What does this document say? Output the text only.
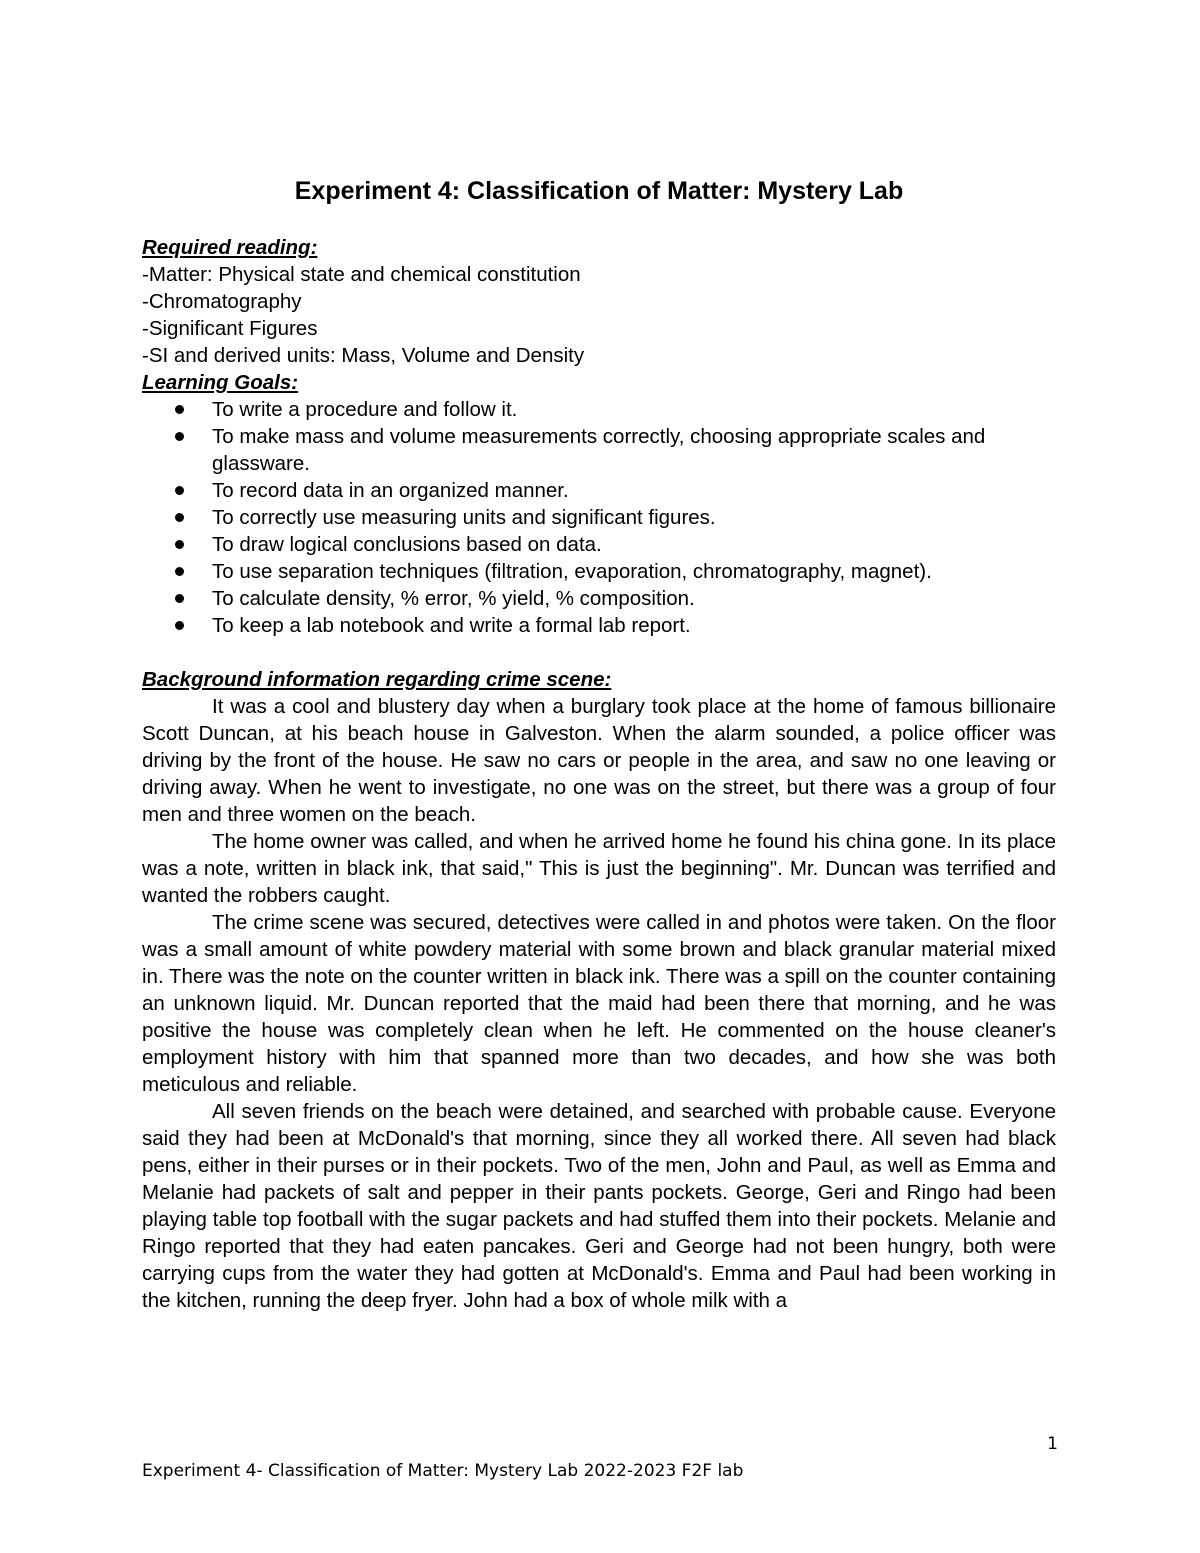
Experiment 4: Classification of Matter: Mystery Lab
Required reading:
-Matter: Physical state and chemical constitution
-Chromatography
-Significant Figures
-SI and derived units: Mass, Volume and Density
Learning Goals:
To write a procedure and follow it.
To make mass and volume measurements correctly, choosing appropriate scales and glassware.
To record data in an organized manner.
To correctly use measuring units and significant figures.
To draw logical conclusions based on data.
To use separation techniques (filtration, evaporation, chromatography, magnet).
To calculate density, % error, % yield, % composition.
To keep a lab notebook and write a formal lab report.
Background information regarding crime scene:

It was a cool and blustery day when a burglary took place at the home of famous billionaire Scott Duncan, at his beach house in Galveston. When the alarm sounded, a police officer was driving by the front of the house. He saw no cars or people in the area, and saw no one leaving or driving away. When he went to investigate, no one was on the street, but there was a group of four men and three women on the beach.

The home owner was called, and when he arrived home he found his china gone. In its place was a note, written in black ink, that said," This is just the beginning". Mr. Duncan was terrified and wanted the robbers caught.

The crime scene was secured, detectives were called in and photos were taken. On the floor was a small amount of white powdery material with some brown and black granular material mixed in. There was the note on the counter written in black ink. There was a spill on the counter containing an unknown liquid. Mr. Duncan reported that the maid had been there that morning, and he was positive the house was completely clean when he left. He commented on the house cleaner's employment history with him that spanned more than two decades, and how she was both meticulous and reliable.

All seven friends on the beach were detained, and searched with probable cause. Everyone said they had been at McDonald's that morning, since they all worked there. All seven had black pens, either in their purses or in their pockets. Two of the men, John and Paul, as well as Emma and Melanie had packets of salt and pepper in their pants pockets. George, Geri and Ringo had been playing table top football with the sugar packets and had stuffed them into their pockets. Melanie and Ringo reported that they had eaten pancakes. Geri and George had not been hungry, both were carrying cups from the water they had gotten at McDonald's. Emma and Paul had been working in the kitchen, running the deep fryer. John had a box of whole milk with a

1
Experiment 4- Classification of Matter: Mystery Lab 2022-2023 F2F lab
